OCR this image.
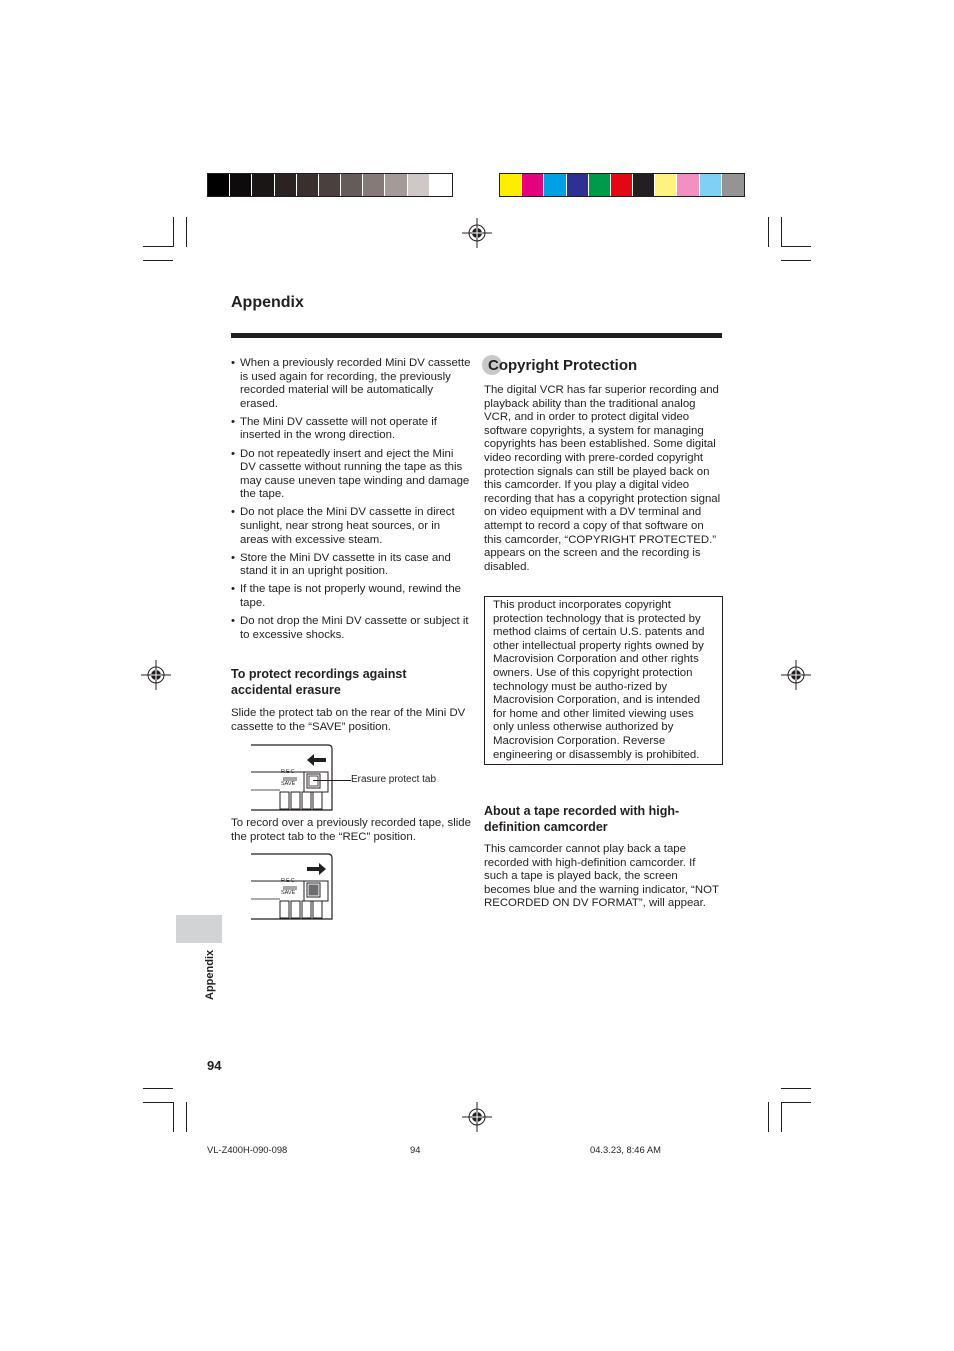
Appendix
• When a previously recorded Mini DV cassette is used again for recording, the previously recorded material will be automatically erased.
• The Mini DV cassette will not operate if inserted in the wrong direction.
• Do not repeatedly insert and eject the Mini DV cassette without running the tape as this may cause uneven tape winding and damage the tape.
• Do not place the Mini DV cassette in direct sunlight, near strong heat sources, or in areas with excessive steam.
• Store the Mini DV cassette in its case and stand it in an upright position.
• If the tape is not properly wound, rewind the tape.
• Do not drop the Mini DV cassette or subject it to excessive shocks.
To protect recordings against accidental erasure

Slide the protect tab on the rear of the Mini DV cassette to the “SAVE” position.

REC
SAVE	Erasure protect tab

To record over a previously recorded tape, slide the protect tab to the “REC” position.

REC
SAVE
Copyright Protection

The digital VCR has far superior recording and playback ability than the traditional analog VCR, and in order to protect digital video software copyrights, a system for managing copyrights has been established. Some digital video recording with prere-corded copyright protection signals can still be played back on this camcorder. If you play a digital video recording that has a copyright protection signal on video equipment with a DV terminal and attempt to record a copy of that software on this camcorder, “COPYRIGHT PROTECTED.” appears on the screen and the recording is disabled.

This product incorporates copyright protection technology that is protected by method claims of certain U.S. patents and other intellectual property rights owned by Macrovision Corporation and other rights owners. Use of this copyright protection technology must be autho-rized by Macrovision Corporation, and is intended for home and other limited viewing uses only unless otherwise authorized by Macrovision Corporation. Reverse engineering or disassembly is prohibited.

About a tape recorded with high-definition camcorder

This camcorder cannot play back a tape recorded with high-definition camcorder. If such a tape is played back, the screen becomes blue and the warning indicator, “NOT RECORDED ON DV FORMAT”, will appear.

Appendix
94
VL-Z400H-090-098	94	04.3.23, 8:46 AM
